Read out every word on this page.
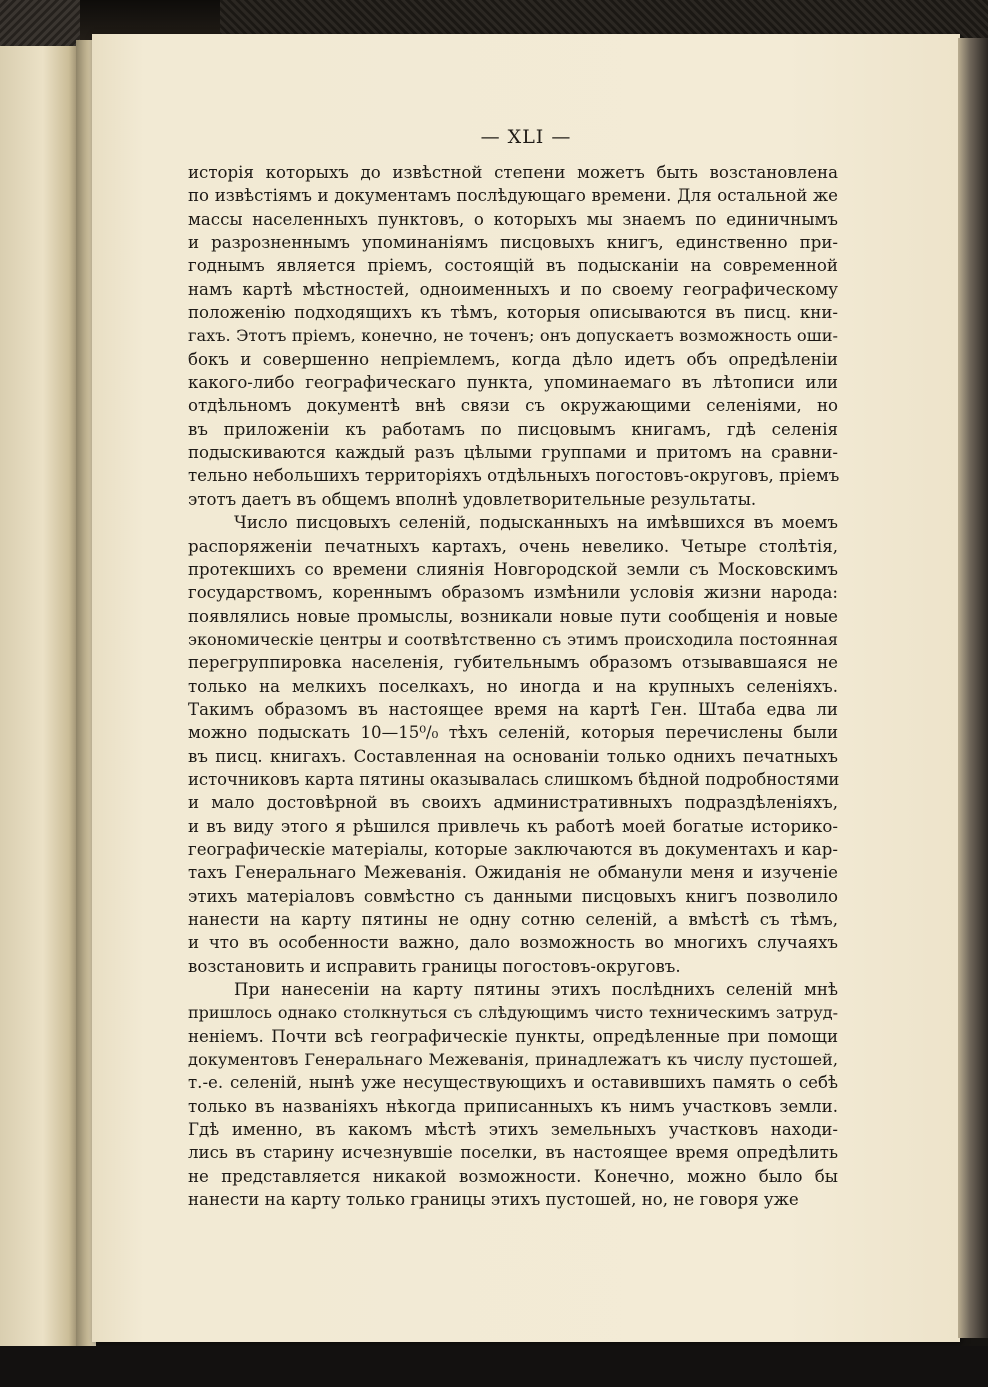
— XLI —

исторія которыхъ до извѣстной степени можетъ быть возстановлена
по извѣстіямъ и документамъ послѣдующаго времени. Для остальной же
массы населенныхъ пунктовъ, о которыхъ мы знаемъ по единичнымъ
и разрозненнымъ упоминаніямъ писцовыхъ книгъ, единственно при-
годнымъ является пріемъ, состоящій въ подысканіи на современной
намъ картѣ мѣстностей, одноименныхъ и по своему географическому
положенію подходящихъ къ тѣмъ, которыя описываются въ писц. кни-
гахъ. Этотъ пріемъ, конечно, не точенъ; онъ допускаетъ возможность оши-
бокъ и совершенно непріемлемъ, когда дѣло идетъ объ опредѣленіи
какого-либо географическаго пункта, упоминаемаго въ лѣтописи или
отдѣльномъ документѣ внѣ связи съ окружающими селеніями, но
въ приложеніи къ работамъ по писцовымъ книгамъ, гдѣ селенія
подыскиваются каждый разъ цѣлыми группами и притомъ на сравни-
тельно небольшихъ территоріяхъ отдѣльныхъ погостовъ-округовъ, пріемъ
этотъ даетъ въ общемъ вполнѣ удовлетворительные результаты.

Число писцовыхъ селеній, подысканныхъ на имѣвшихся въ моемъ
распоряженіи печатныхъ картахъ, очень невелико. Четыре столѣтія,
протекшихъ со времени слиянія Новгородской земли съ Московскимъ
государствомъ, кореннымъ образомъ измѣнили условія жизни народа:
появлялись новые промыслы, возникали новые пути сообщенія и новые
экономическіе центры и соотвѣтственно съ этимъ происходила постоянная
перегруппировка населенія, губительнымъ образомъ отзывавшаяся не
только на мелкихъ поселкахъ, но иногда и на крупныхъ селеніяхъ.
Такимъ образомъ въ настоящее время на картѣ Ген. Штаба едва ли
можно подыскать 10—15⁰/₀ тѣхъ селеній, которыя перечислены были
въ писц. книгахъ. Составленная на основаніи только однихъ печатныхъ
источниковъ карта пятины оказывалась слишкомъ бѣдной подробностями
и мало достовѣрной въ своихъ административныхъ подраздѣленіяхъ,
и въ виду этого я рѣшился привлечь къ работѣ моей богатые историко-
географическіе матеріалы, которые заключаются въ документахъ и кар-
тахъ Генеральнаго Межеванія. Ожиданія не обманули меня и изученіе
этихъ матеріаловъ совмѣстно съ данными писцовыхъ книгъ позволило
нанести на карту пятины не одну сотню селеній, а вмѣстѣ съ тѣмъ,
и что въ особенности важно, дало возможность во многихъ случаяхъ
возстановить и исправить границы погостовъ-округовъ.

При нанесеніи на карту пятины этихъ послѣднихъ селеній мнѣ
пришлось однако столкнуться съ слѣдующимъ чисто техническимъ затруд-
неніемъ. Почти всѣ географическіе пункты, опредѣленные при помощи
документовъ Генеральнаго Межеванія, принадлежатъ къ числу пустошей,
т.-е. селеній, нынѣ уже несуществующихъ и оставившихъ память о себѣ
только въ названіяхъ нѣкогда приписанныхъ къ нимъ участковъ земли.
Гдѣ именно, въ какомъ мѣстѣ этихъ земельныхъ участковъ находи-
лись въ старину исчезнувшіе поселки, въ настоящее время опредѣлить
не представляется никакой возможности. Конечно, можно было бы
нанести на карту только границы этихъ пустошей, но, не говоря уже
